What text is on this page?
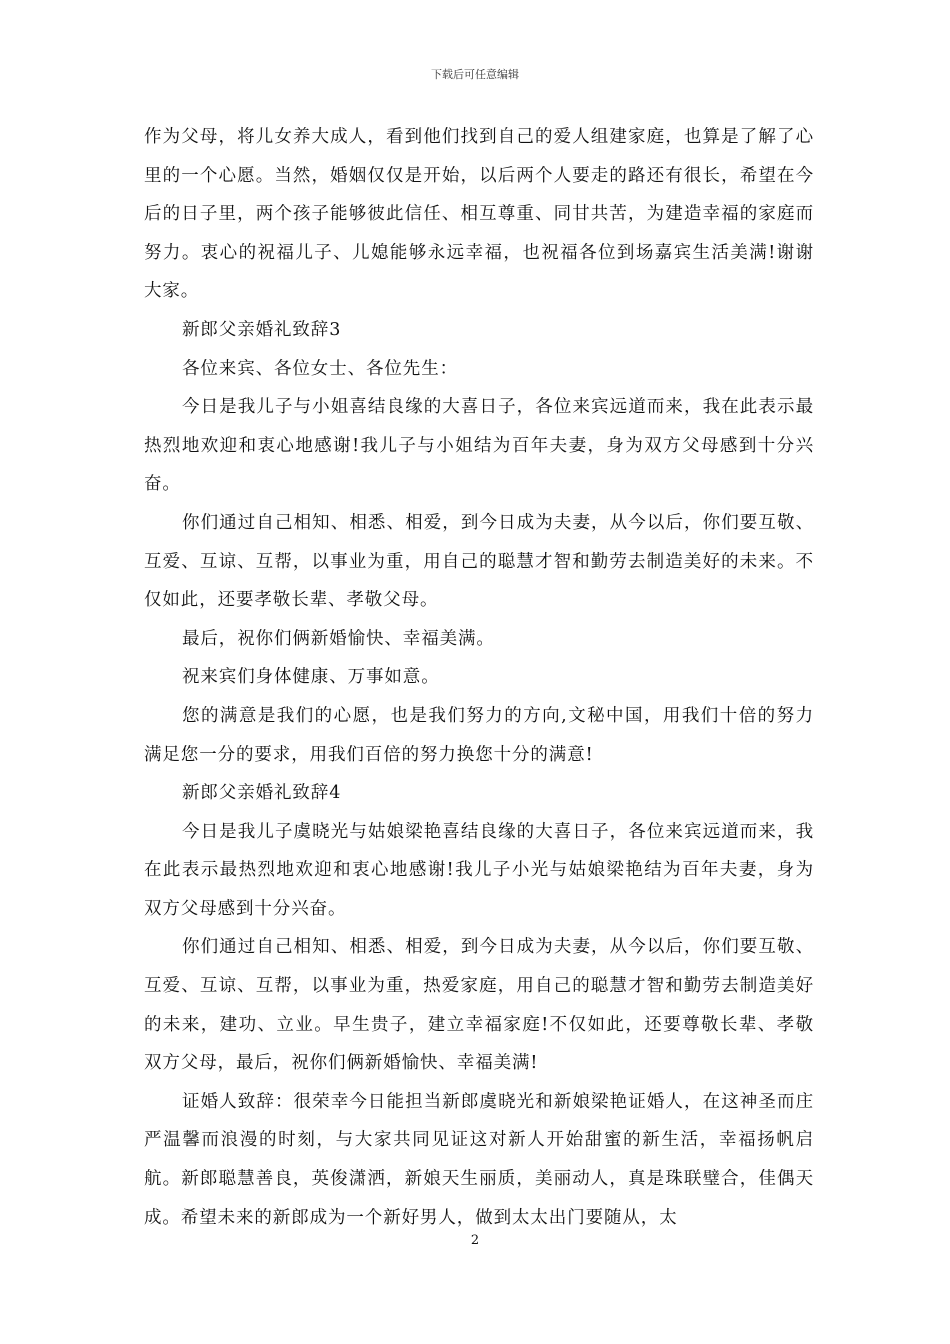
下载后可任意编辑

作为父母，将儿女养大成人，看到他们找到自己的爱人组建家庭，也算是了解了心里的一个心愿。当然，婚姻仅仅是开始，以后两个人要走的路还有很长，希望在今后的日子里，两个孩子能够彼此信任、相互尊重、同甘共苦，为建造幸福的家庭而努力。衷心的祝福儿子、儿媳能够永远幸福，也祝福各位到场嘉宾生活美满!谢谢大家。

新郎父亲婚礼致辞3

各位来宾、各位女士、各位先生：

今日是我儿子与小姐喜结良缘的大喜日子，各位来宾远道而来，我在此表示最热烈地欢迎和衷心地感谢!我儿子与小姐结为百年夫妻，身为双方父母感到十分兴奋。

你们通过自己相知、相悉、相爱，到今日成为夫妻，从今以后，你们要互敬、互爱、互谅、互帮，以事业为重，用自己的聪慧才智和勤劳去制造美好的未来。不仅如此，还要孝敬长辈、孝敬父母。

最后，祝你们俩新婚愉快、幸福美满。

祝来宾们身体健康、万事如意。

您的满意是我们的心愿，也是我们努力的方向,文秘中国，用我们十倍的努力满足您一分的要求，用我们百倍的努力换您十分的满意!

新郎父亲婚礼致辞4

今日是我儿子虞晓光与姑娘梁艳喜结良缘的大喜日子，各位来宾远道而来，我在此表示最热烈地欢迎和衷心地感谢!我儿子小光与姑娘梁艳结为百年夫妻，身为双方父母感到十分兴奋。

你们通过自己相知、相悉、相爱，到今日成为夫妻，从今以后，你们要互敬、互爱、互谅、互帮，以事业为重，热爱家庭，用自己的聪慧才智和勤劳去制造美好的未来，建功、立业。早生贵子，建立幸福家庭!不仅如此，还要尊敬长辈、孝敬双方父母，最后，祝你们俩新婚愉快、幸福美满!

证婚人致辞：很荣幸今日能担当新郎虞晓光和新娘梁艳证婚人，在这神圣而庄严温馨而浪漫的时刻，与大家共同见证这对新人开始甜蜜的新生活，幸福扬帆启航。新郎聪慧善良，英俊潇洒，新娘天生丽质，美丽动人，真是珠联璧合，佳偶天成。希望未来的新郎成为一个新好男人，做到太太出门要随从，太

2
